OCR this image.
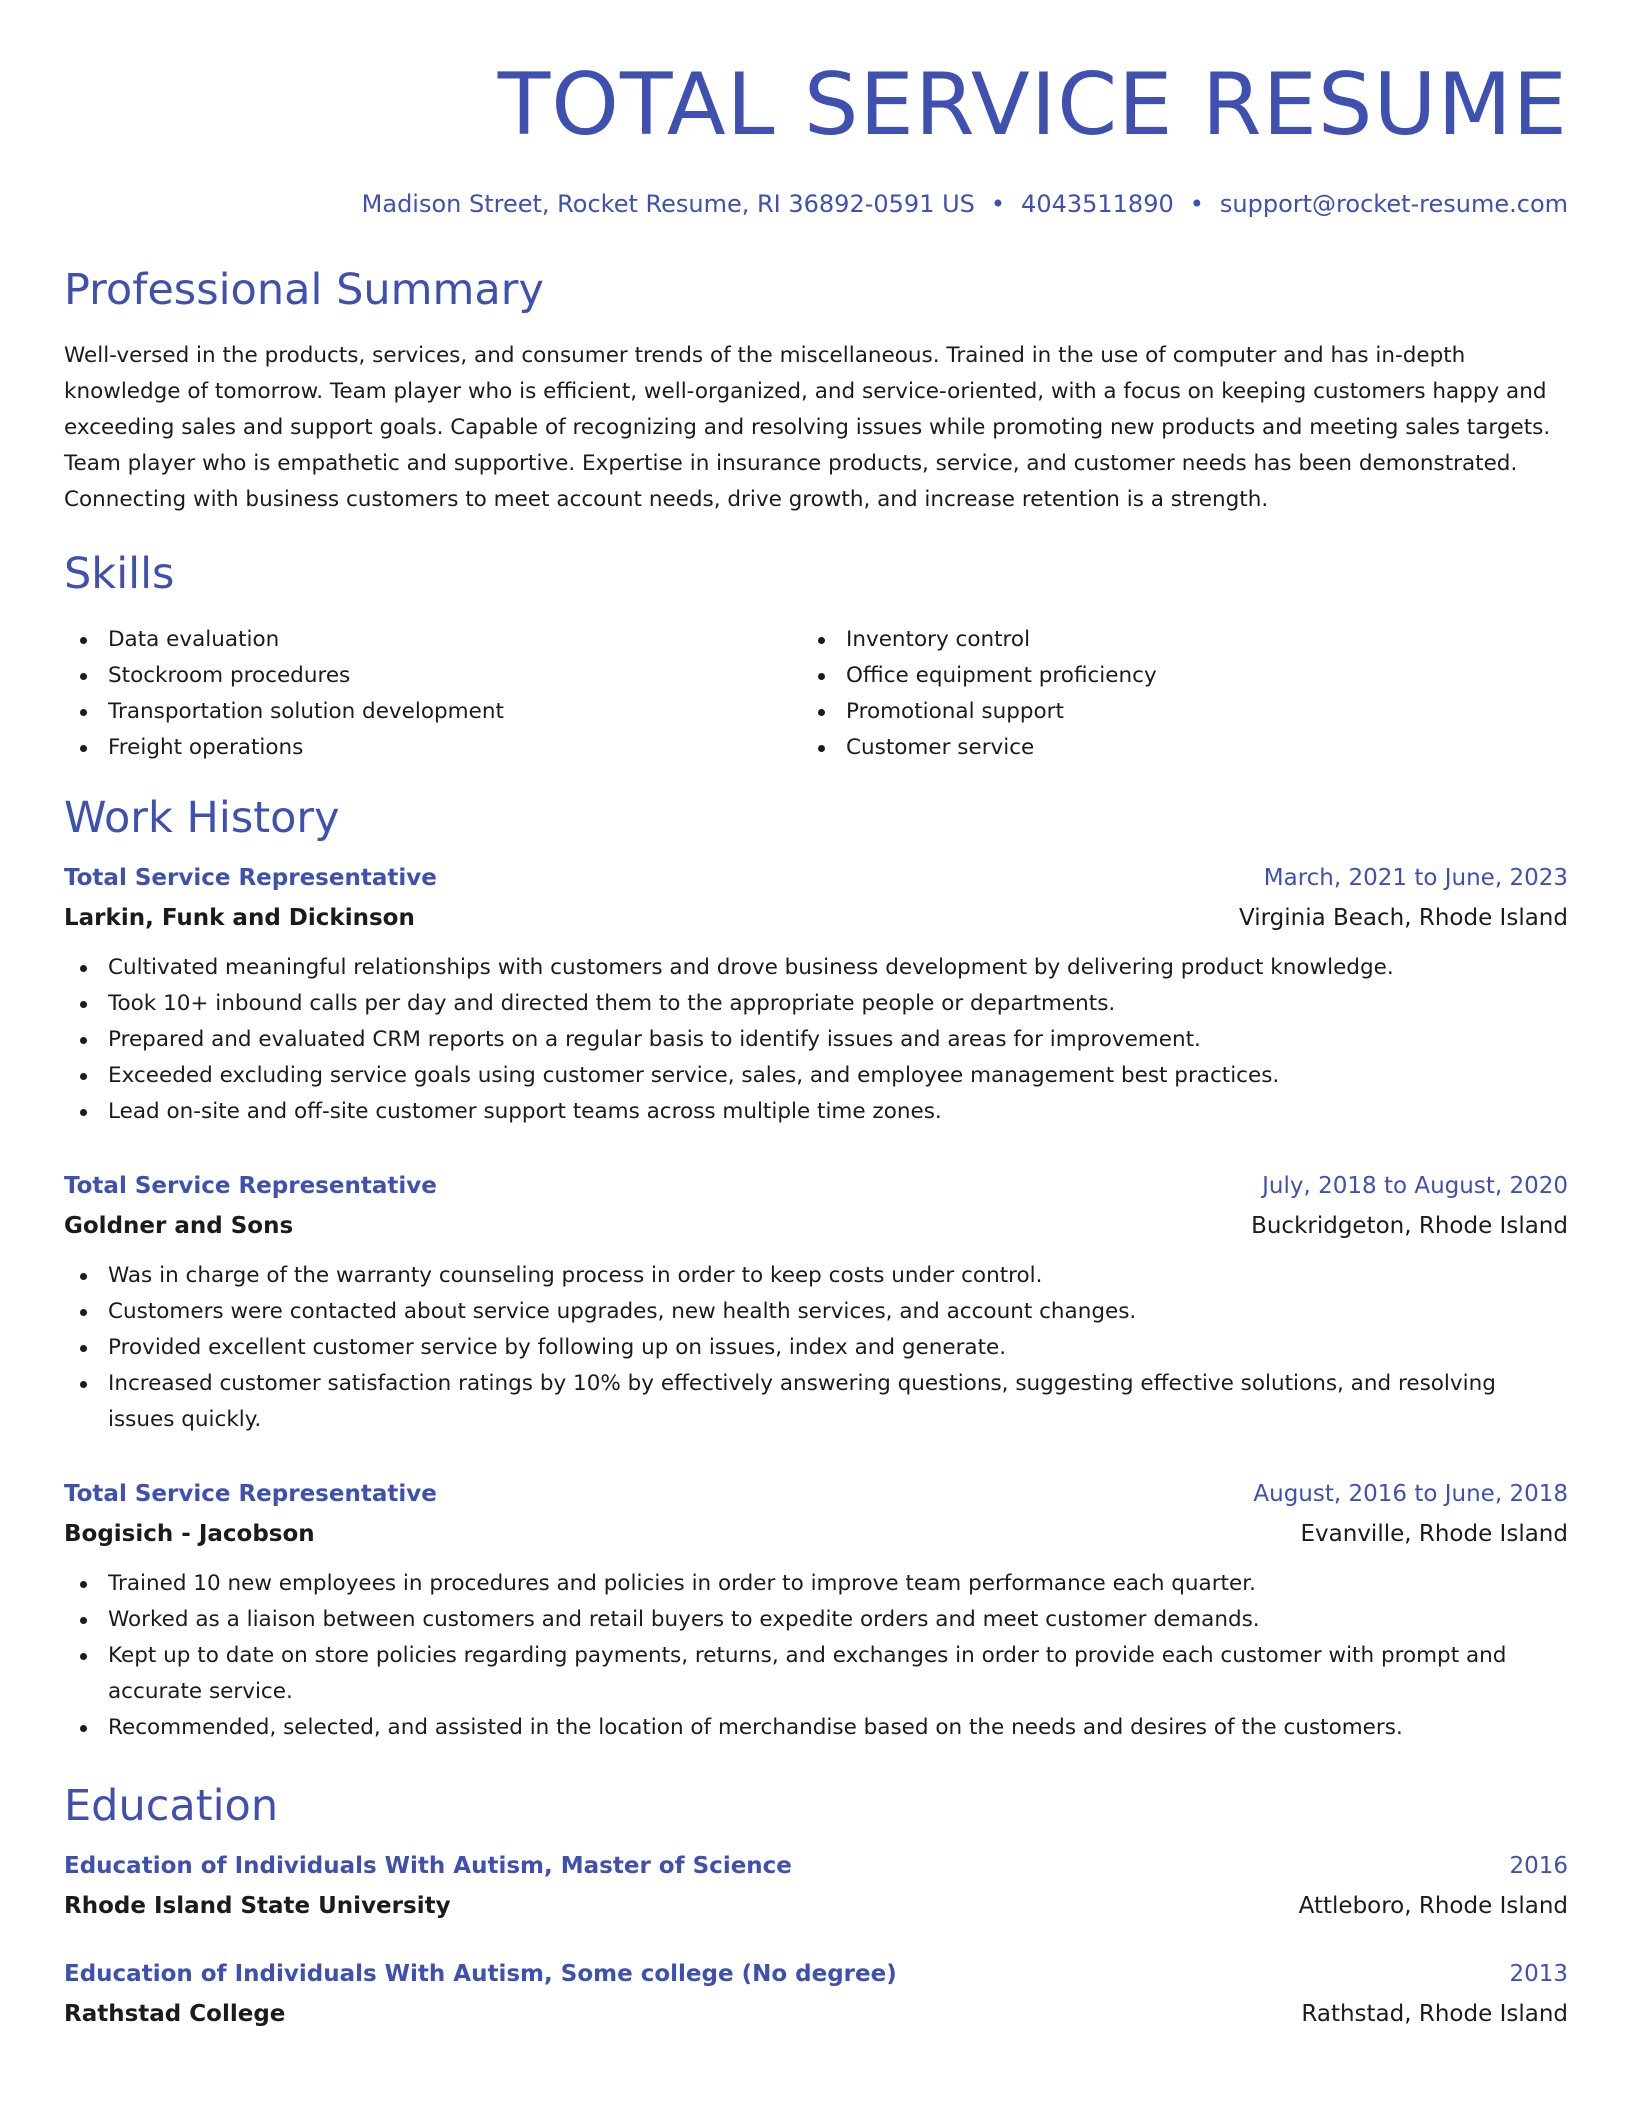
TOTAL SERVICE RESUME
Madison Street, Rocket Resume, RI 36892-0591 US • 4043511890 • support@rocket-resume.com
Professional Summary
Well-versed in the products, services, and consumer trends of the miscellaneous. Trained in the use of computer and has in-depth knowledge of tomorrow. Team player who is efficient, well-organized, and service-oriented, with a focus on keeping customers happy and exceeding sales and support goals. Capable of recognizing and resolving issues while promoting new products and meeting sales targets. Team player who is empathetic and supportive. Expertise in insurance products, service, and customer needs has been demonstrated. Connecting with business customers to meet account needs, drive growth, and increase retention is a strength.
Skills
Data evaluation
Stockroom procedures
Transportation solution development
Freight operations
Inventory control
Office equipment proficiency
Promotional support
Customer service
Work History
Total Service Representative	March, 2021 to June, 2023
Larkin, Funk and Dickinson	Virginia Beach, Rhode Island
Cultivated meaningful relationships with customers and drove business development by delivering product knowledge.
Took 10+ inbound calls per day and directed them to the appropriate people or departments.
Prepared and evaluated CRM reports on a regular basis to identify issues and areas for improvement.
Exceeded excluding service goals using customer service, sales, and employee management best practices.
Lead on-site and off-site customer support teams across multiple time zones.
Total Service Representative	July, 2018 to August, 2020
Goldner and Sons	Buckridgeton, Rhode Island
Was in charge of the warranty counseling process in order to keep costs under control.
Customers were contacted about service upgrades, new health services, and account changes.
Provided excellent customer service by following up on issues, index and generate.
Increased customer satisfaction ratings by 10% by effectively answering questions, suggesting effective solutions, and resolving issues quickly.
Total Service Representative	August, 2016 to June, 2018
Bogisich - Jacobson	Evanville, Rhode Island
Trained 10 new employees in procedures and policies in order to improve team performance each quarter.
Worked as a liaison between customers and retail buyers to expedite orders and meet customer demands.
Kept up to date on store policies regarding payments, returns, and exchanges in order to provide each customer with prompt and accurate service.
Recommended, selected, and assisted in the location of merchandise based on the needs and desires of the customers.
Education
Education of Individuals With Autism, Master of Science	2016
Rhode Island State University	Attleboro, Rhode Island
Education of Individuals With Autism, Some college (No degree)	2013
Rathstad College	Rathstad, Rhode Island
